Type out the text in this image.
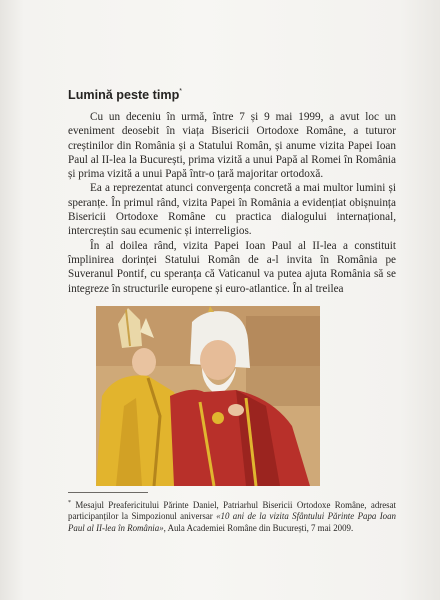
Lumină peste timp*

Cu un deceniu în urmă, între 7 și 9 mai 1999, a avut loc un eveniment deosebit în viața Bisericii Ortodoxe Române, a tuturor creștinilor din România și a Statului Român, și anume vizita Papei Ioan Paul al II-lea la București, prima vizită a unui Papă al Romei în România și prima vizită a unui Papă într-o țară majoritar ortodoxă.

Ea a reprezentat atunci convergența concretă a mai multor lumini și speranțe. În primul rând, vizita Papei în România a evidențiat obișnuința Bisericii Ortodoxe Române cu practica dialogului internațional, intercreștin sau ecumenic și interreligios.

În al doilea rând, vizita Papei Ioan Paul al II-lea a constituit împlinirea dorinței Statului Român de a-l invita în România pe Suveranul Pontif, cu speranța că Vaticanul va putea ajuta România să se integreze în structurile europene și euro-atlantice. În al treilea

* Mesajul Preafericitului Părinte Daniel, Patriarhul Bisericii Ortodoxe Române, adresat participanților la Simpozionul aniversar «10 ani de la vizita Sfântului Părinte Papa Ioan Paul al II-lea în România», Aula Academiei Române din București, 7 mai 2009.
